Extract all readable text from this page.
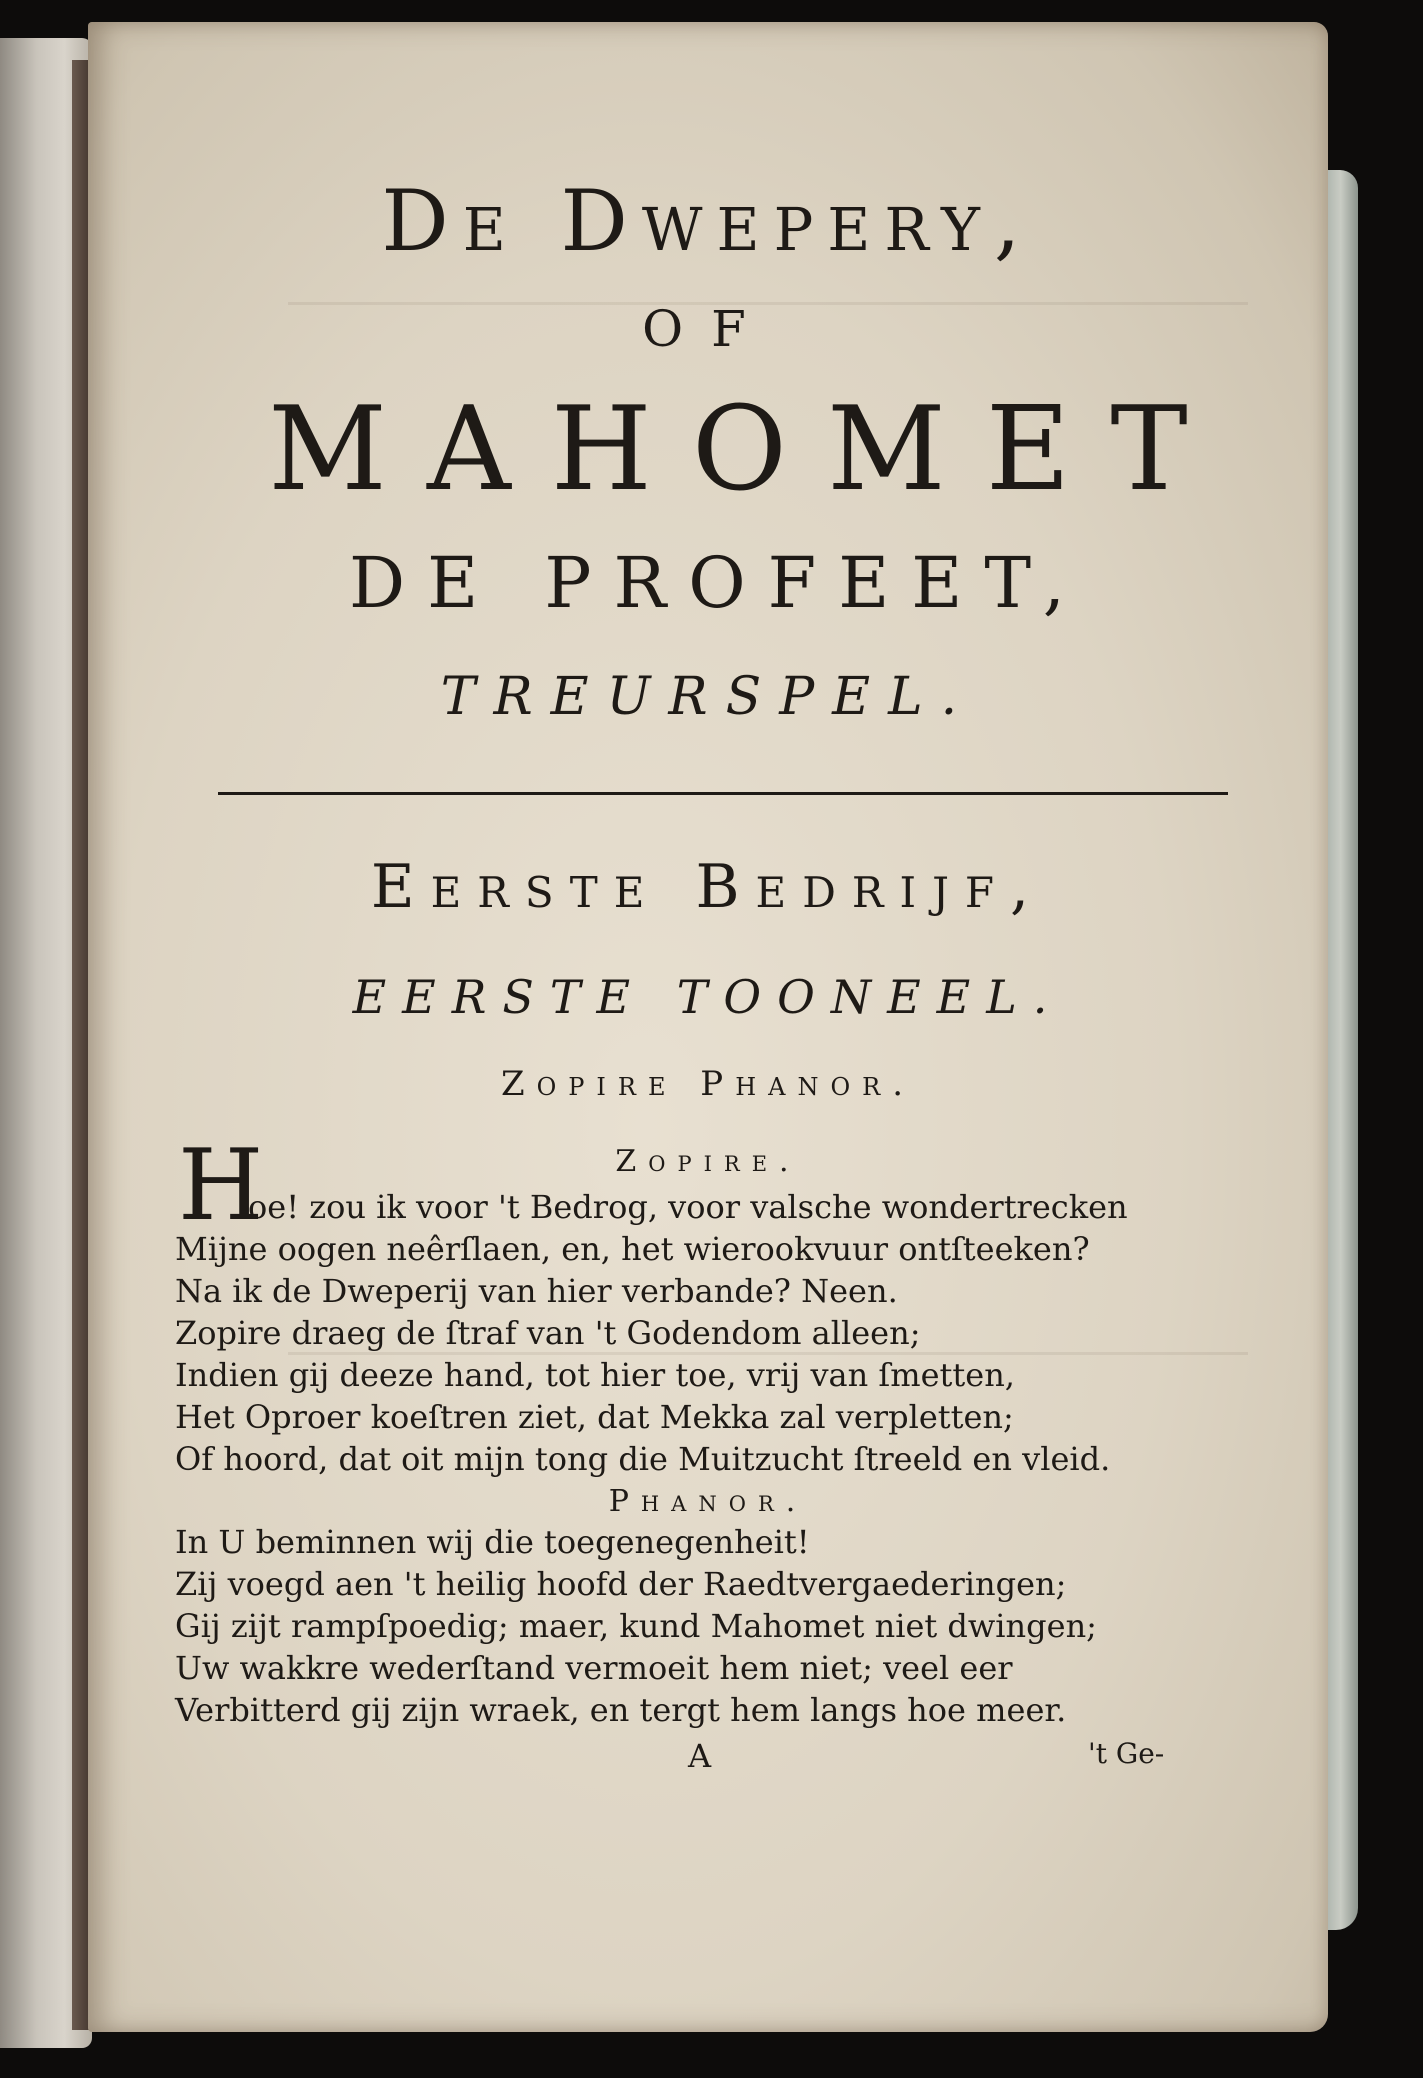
De Dwepery,
OF
MAHOMET
DE PROFEET,
TREURSPEL.
Eerste Bedrijf,
EERSTE TOONEEL.
Zopire Phanor.
Zopire.
H
oe! zou ik voor 't Bedrog, voor valsche wondertrecken
Mijne oogen neêrſlaen, en, het wierookvuur ontſteeken?
Na ik de Dweperij van hier verbande? Neen.
Zopire draeg de ſtraf van 't Godendom alleen;
Indien gij deeze hand, tot hier toe, vrij van ſmetten,
Het Oproer koeſtren ziet, dat Mekka zal verpletten;
Of hoord, dat oit mijn tong die Muitzucht ſtreeld en vleid.
Phanor.
In U beminnen wij die toegenegenheit!
Zij voegd aen 't heilig hoofd der Raedtvergaederingen;
Gij zijt rampſpoedig; maer, kund Mahomet niet dwingen;
Uw wakkre wederſtand vermoeit hem niet; veel eer
Verbitterd gij zijn wraek, en tergt hem langs hoe meer.
A	't Ge-
